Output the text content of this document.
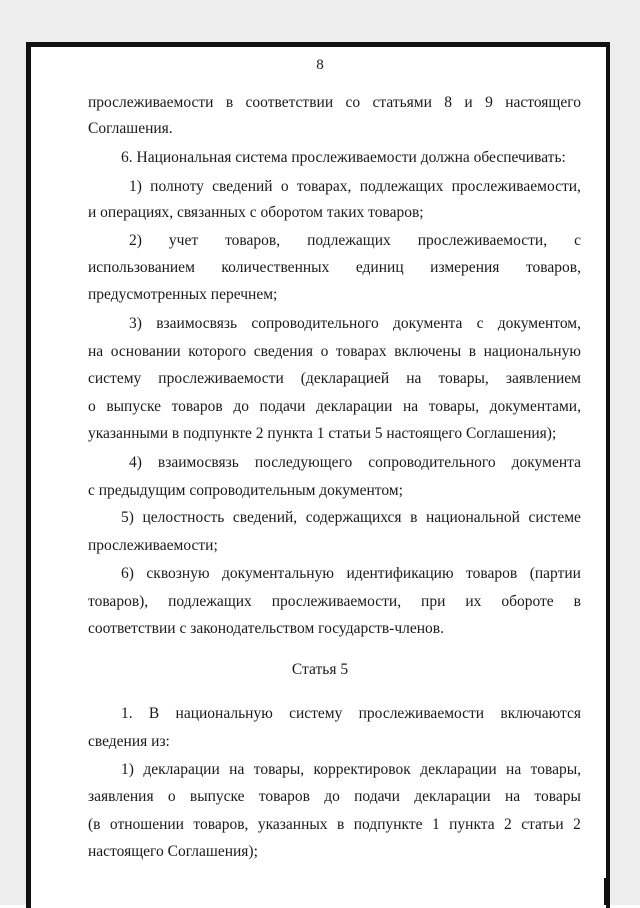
8
прослеживаемости в соответствии со статьями 8 и 9 настоящего
Соглашения.
6. Национальная система прослеживаемости должна обеспечивать:
1) полноту сведений о товарах, подлежащих прослеживаемости,
и операциях, связанных с оборотом таких товаров;
2) учет товаров, подлежащих прослеживаемости, с
использованием количественных единиц измерения товаров,
предусмотренных перечнем;
3) взаимосвязь сопроводительного документа с документом,
на основании которого сведения о товарах включены в национальную
систему прослеживаемости (декларацией на товары, заявлением
о выпуске товаров до подачи декларации на товары, документами,
указанными в подпункте 2 пункта 1 статьи 5 настоящего Соглашения);
4) взаимосвязь последующего сопроводительного документа
с предыдущим сопроводительным документом;
5) целостность сведений, содержащихся в национальной системе
прослеживаемости;
6) сквозную документальную идентификацию товаров (партии
товаров), подлежащих прослеживаемости, при их обороте в
соответствии с законодательством государств-членов.
Статья 5
1. В национальную систему прослеживаемости включаются
сведения из:
1) декларации на товары, корректировок декларации на товары,
заявления о выпуске товаров до подачи декларации на товары
(в отношении товаров, указанных в подпункте 1 пункта 2 статьи 2
настоящего Соглашения);
